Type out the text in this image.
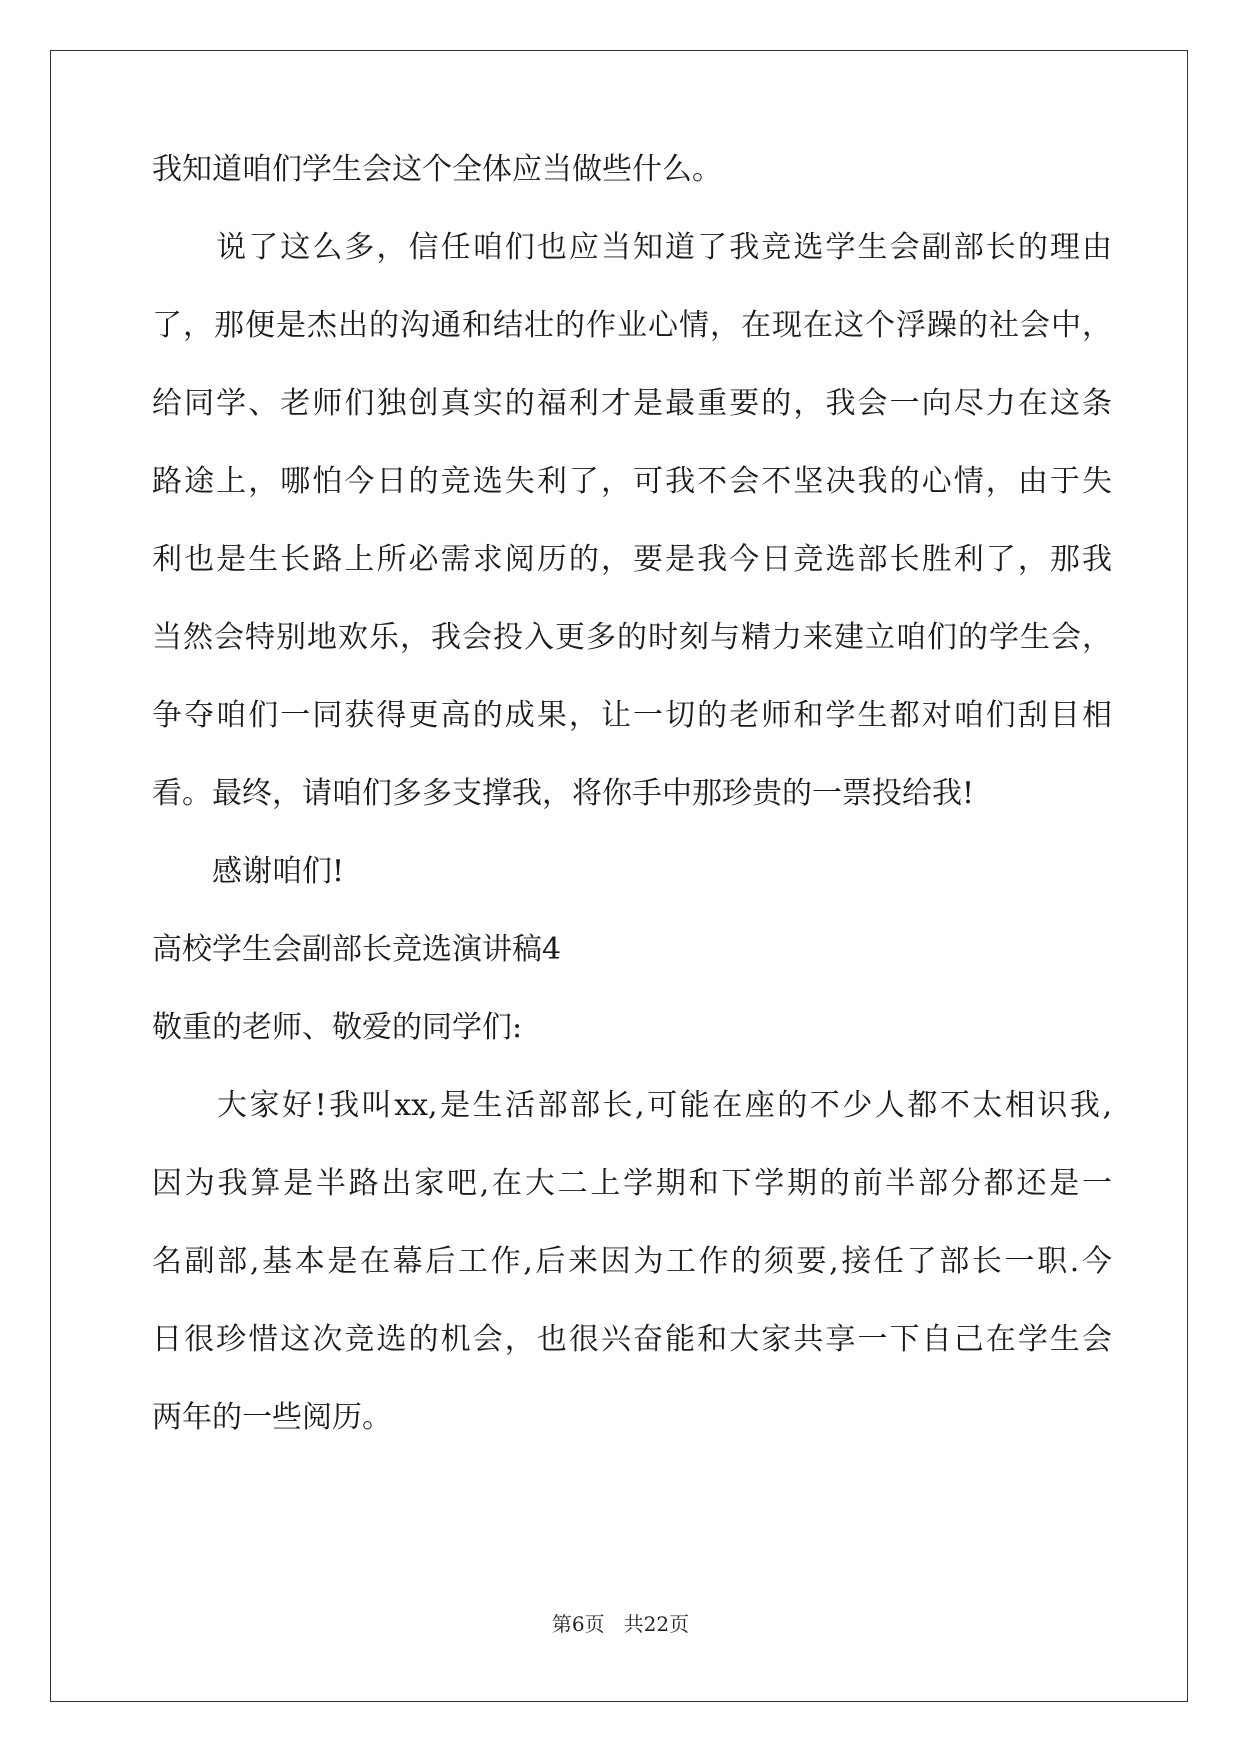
我知道咱们学生会这个全体应当做些什么。
　　说了这么多，信任咱们也应当知道了我竞选学生会副部长的理由
了，那便是杰出的沟通和结壮的作业心情，在现在这个浮躁的社会中，
给同学、老师们独创真实的福利才是最重要的，我会一向尽力在这条
路途上，哪怕今日的竞选失利了，可我不会不坚决我的心情，由于失
利也是生长路上所必需求阅历的，要是我今日竞选部长胜利了，那我
当然会特别地欢乐，我会投入更多的时刻与精力来建立咱们的学生会，
争夺咱们一同获得更高的成果，让一切的老师和学生都对咱们刮目相
看。最终，请咱们多多支撑我，将你手中那珍贵的一票投给我!
　　感谢咱们!
高校学生会副部长竞选演讲稿4
敬重的老师、敬爱的同学们:
　　大家好!我叫xx,是生活部部长,可能在座的不少人都不太相识我,
因为我算是半路出家吧,在大二上学期和下学期的前半部分都还是一
名副部,基本是在幕后工作,后来因为工作的须要,接任了部长一职.今
日很珍惜这次竞选的机会，也很兴奋能和大家共享一下自己在学生会
两年的一些阅历。
第6页 共22页
